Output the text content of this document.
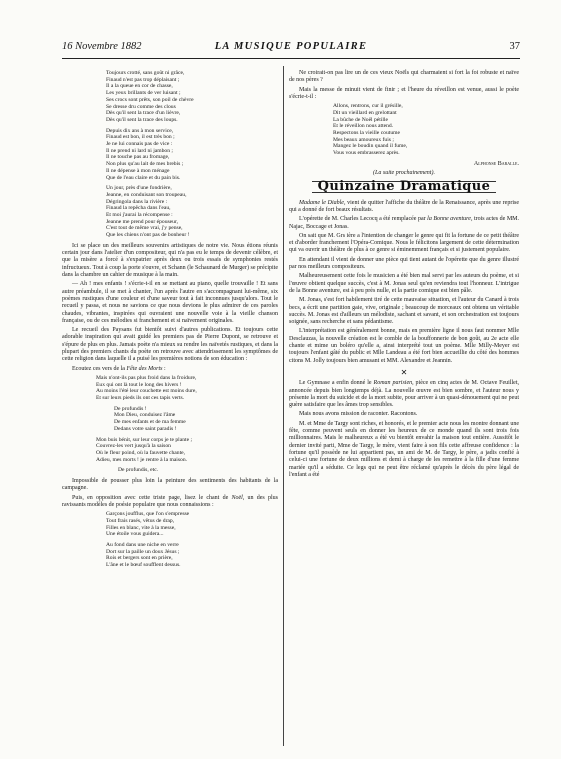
16 Novembre 1882	LA MUSIQUE POPULAIRE	37
Toujours crotté, sans goût ni grâce,
Finaud n'est pas trop déplaisant ;
Il a la queue en cor de chasse,
Les yeux brillants de ver luisant ;
Ses crocs sont prêts, son poil de chèvre
Se dresse dru comme des clous
Dès qu'il sent la trace d'un lièvre,
Dès qu'il sent la trace des loups.
Depuis dix ans à mon service,
Finaud est bon, il est très bon ;
Je ne lui connais pas de vice :
Il ne prend ni lard ni jambon ;
Il ne touche pas au fromage,
Non plus qu'au lait de mes brebis ;
Il ne dépense à mon ménage
Que de l'eau claire et du pain bis.
Un jour, près d'une fondrière,
Jeanne, en conduisant son troupeau,
Dégringola dans la rivière :
Finaud la repêcha dans l'eau,
Et moi j'aurai la récompense :
Jeanne me prend pour épouseur,
C'est tout de même vrai, j'y pense,
Que les chiens n'ont pas de bonheur !

Ici se place un des meilleurs souvenirs artistiques de notre vie. Nous étions réunis certain jour dans l'atelier d'un compositeur, qui n'a pas eu le temps de devenir célèbre, et que la misère a forcé à s'expatrier après deux ou trois essais de symphonies restés infructueux. Tout à coup la porte s'ouvre, et Schann (le Schaunard de Murger) se précipite dans la chambre un cahier de musique à la main.

— Ah ! mes enfants ! s'écrie-t-il en se mettant au piano, quelle trouvaille ! Et sans autre préambule, il se met à chanter, l'un après l'autre en s'accompagnant lui-même, six poèmes rustiques d'une couleur et d'une saveur tout à fait inconnues jusqu'alors. Tout le recueil y passa, et nous ne savions ce que nous devions le plus admirer de ces paroles chaudes, vibrantes, inspirées qui ouvraient une nouvelle voie à la vieille chanson française, ou de ces mélodies si franchement et si naïvement originales.

Le recueil des Paysans fut bientôt suivi d'autres publications. Et toujours cette adorable inspiration qui avait guidé les premiers pas de Pierre Dupont, se retrouve et s'épure de plus en plus. Jamais poète n'a mieux su rendre les naïvetés rustiques, et dans la plupart des premiers chants du poète on retrouve avec attendrissement les symptômes de cette religion dans laquelle il a puisé les premières notions de son éducation :

Ecoutez ces vers de la Fête des Morts :

Mais n'ont-ils pas plus froid dans la froidure,
Eux qui ont là tout le long des hivers !
Au moins l'été leur couchette est moins dure,
Et sur leurs pieds ils ont ces tapis verts.
De profundis !
Mon Dieu, conduisez l'âme
De mes enfants et de ma femme
Dedans votre saint paradis !
Mon buis bénit, sur leur corps je te plante ;
Couvrez-les vert jusqu'à la saison
Où le fleur poind, où la fauvette chante,
Adieu, mes morts ! je rentre à la maison.
De profundis, etc.

Impossible de pousser plus loin la peinture des sentiments des habitants de la campagne.

Puis, en opposition avec cette triste page, lisez le chant de Noël, un des plus ravissants modèles de poésie populaire que nous connaissions :

Garçons joufflus, que l'on s'empresse
Tout frais rasés, vêtus de drap,
Filles en blanc, vite à la messe,
Une étoile vous guidera...
Au fond dans une niche en verre
Dort sur la paille un doux Jésus ;
Rois et bergers sont en prière,
L'âne et le bœuf soufflent dessus.

Ne croirait-on pas lire un de ces vieux Noëls qui charmaient si fort la foi robuste et naïve de nos pères ?

Mais la messe de minuit vient de finir ; et l'heure du réveillon est venue, aussi le poète s'écrie-t-il :

Allons, rentrons, cur il grésille,
Dit un vieillard en grelottant
La bûche de Noël pétille
Et le réveillon nous attend.
Respectons la vieille coutume
Mes beaux amoureux fuis ;
Mangez le boudin quand il fume,
Vous vous embrasserez après.
Alphonse Baralle.
(La suite prochainement).
Quinzaine Dramatique

Madame le Diable, vient de quitter l'affiche du théâtre de la Renaissance, après une reprise qui a donné de fort beaux résultats.

L'opérette de M. Charles Lecocq a été remplacée par la Bonne aventure, trois actes de MM. Najac, Boccage et Jonas.

On sait que M. Grs ière a l'intention de changer le genre qui fit la fortune de ce petit théâtre et d'aborder franchement l'Opéra-Comique. Nous le félicitons largement de cette détermination qui va ouvrir un théâtre de plus à ce genre si éminemment français et si justement populaire.

En attendant il vient de donner une pièce qui tient autant de l'opérette que du genre illustré par nos meilleurs compositeurs.

Malheureusement cette fois le musicien a été bien mal servi par les auteurs du poème, et si l'œuvre obtient quelque succès, c'est à M. Jonas seul qu'en reviendra tout l'honneur. L'intrigue de la Bonne aventure, est à peu près nulle, et la partie comique est bien pâle.

M. Jonas, s'est fort habilement tiré de cette mauvaise situation, et l'auteur du Canard à trois becs, a écrit une partition gaie, vive, originale ; beaucoup de morceaux ont obtenu un véritable succès. M. Jonas est d'ailleurs un mélodiste, sachant et savant, et son orchestration est toujours soignée, sans recherche et sans pédantisme.

L'interprétation est généralement bonne, mais en première ligne il nous faut nommer Mlle Desclauzas, la nouvelle création est le comble de la bouffonnerie de bon goût, au 2e acte elle chante et mime un boléro qu'elle a, ainsi interprété tout un poème. Mlle Milly-Meyer est toujours l'enfant gâté du public et Mlle Landeau a été fort bien accueillie du côté des hommes citons M. Jolly toujours bien amusant et MM. Alexandre et Jeannin.

✕

Le Gymnase a enfin donné le Roman parisien, pièce en cinq actes de M. Octave Feuillet, annoncée depuis bien longtemps déjà. La nouvelle œuvre est bien sombre, et l'auteur nous y présente la mort du suicide et de la mort subite, pour arriver à un quasi-dénouement qui ne peut guère satisfaire que les âmes trop sensibles.

Mais nous avons mission de raconter. Racontons.

M. et Mme de Targy sont riches, et honorés, et le premier acte nous les montre donnant une fête, comme peuvent seuls en donner les heureux de ce monde quand ils sont trois fois millionnaires. Mais le malheureux a été vu bientôt envahir la maison tout entière. Aussitôt le dernier invité parti, Mme de Targy, le mère, vient faire à son fils cette affreuse confidence : la fortune qu'il possède ne lui appartient pas, un ami de M. de Targy, le père, a jadis confié à celui-ci une fortune de deux millions et demi à charge de les remettre à la fille d'une femme mariée qu'il a séduite. Ce legs qui ne peut être réclamé qu'après le décès du père légal de l'enfant a été
